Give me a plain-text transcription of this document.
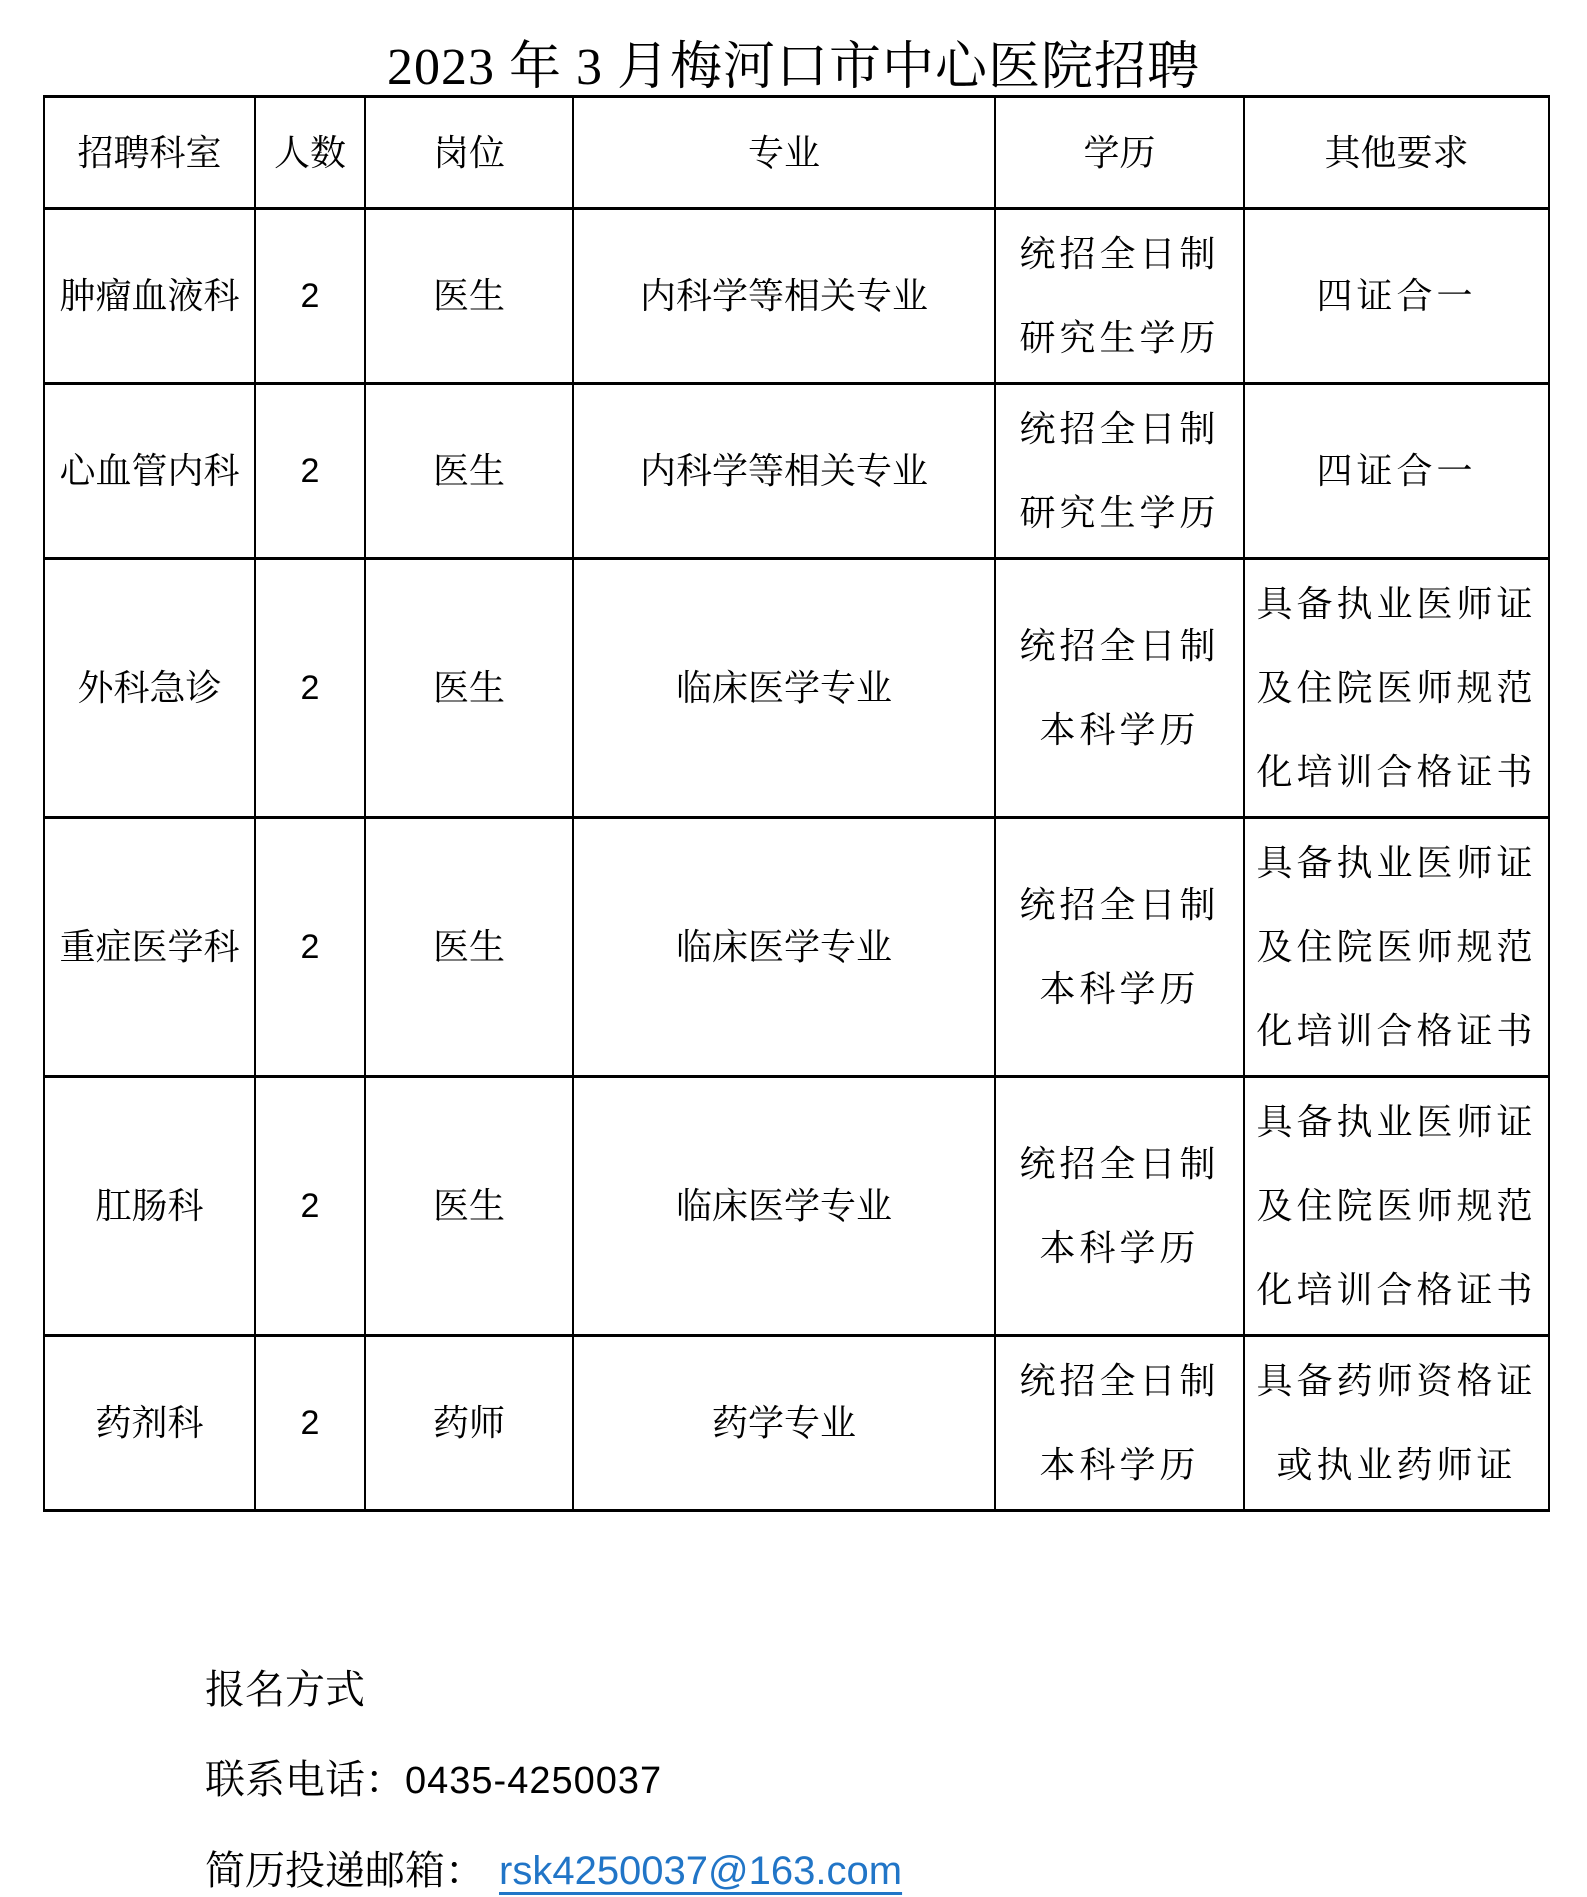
2023 年 3 月梅河口市中心医院招聘
招聘科室	人数	岗位	专业	学历	其他要求
肿瘤血液科	2	医生	内科学等相关专业	统招全日制研究生学历	四证合一
心血管内科	2	医生	内科学等相关专业	统招全日制研究生学历	四证合一
外科急诊	2	医生	临床医学专业	统招全日制本科学历	具备执业医师证及住院医师规范化培训合格证书
重症医学科	2	医生	临床医学专业	统招全日制本科学历	具备执业医师证及住院医师规范化培训合格证书
肛肠科	2	医生	临床医学专业	统招全日制本科学历	具备执业医师证及住院医师规范化培训合格证书
药剂科	2	药师	药学专业	统招全日制本科学历	具备药师资格证或执业药师证

报名方式

联系电话：0435-4250037

简历投递邮箱： rsk4250037@163.com
